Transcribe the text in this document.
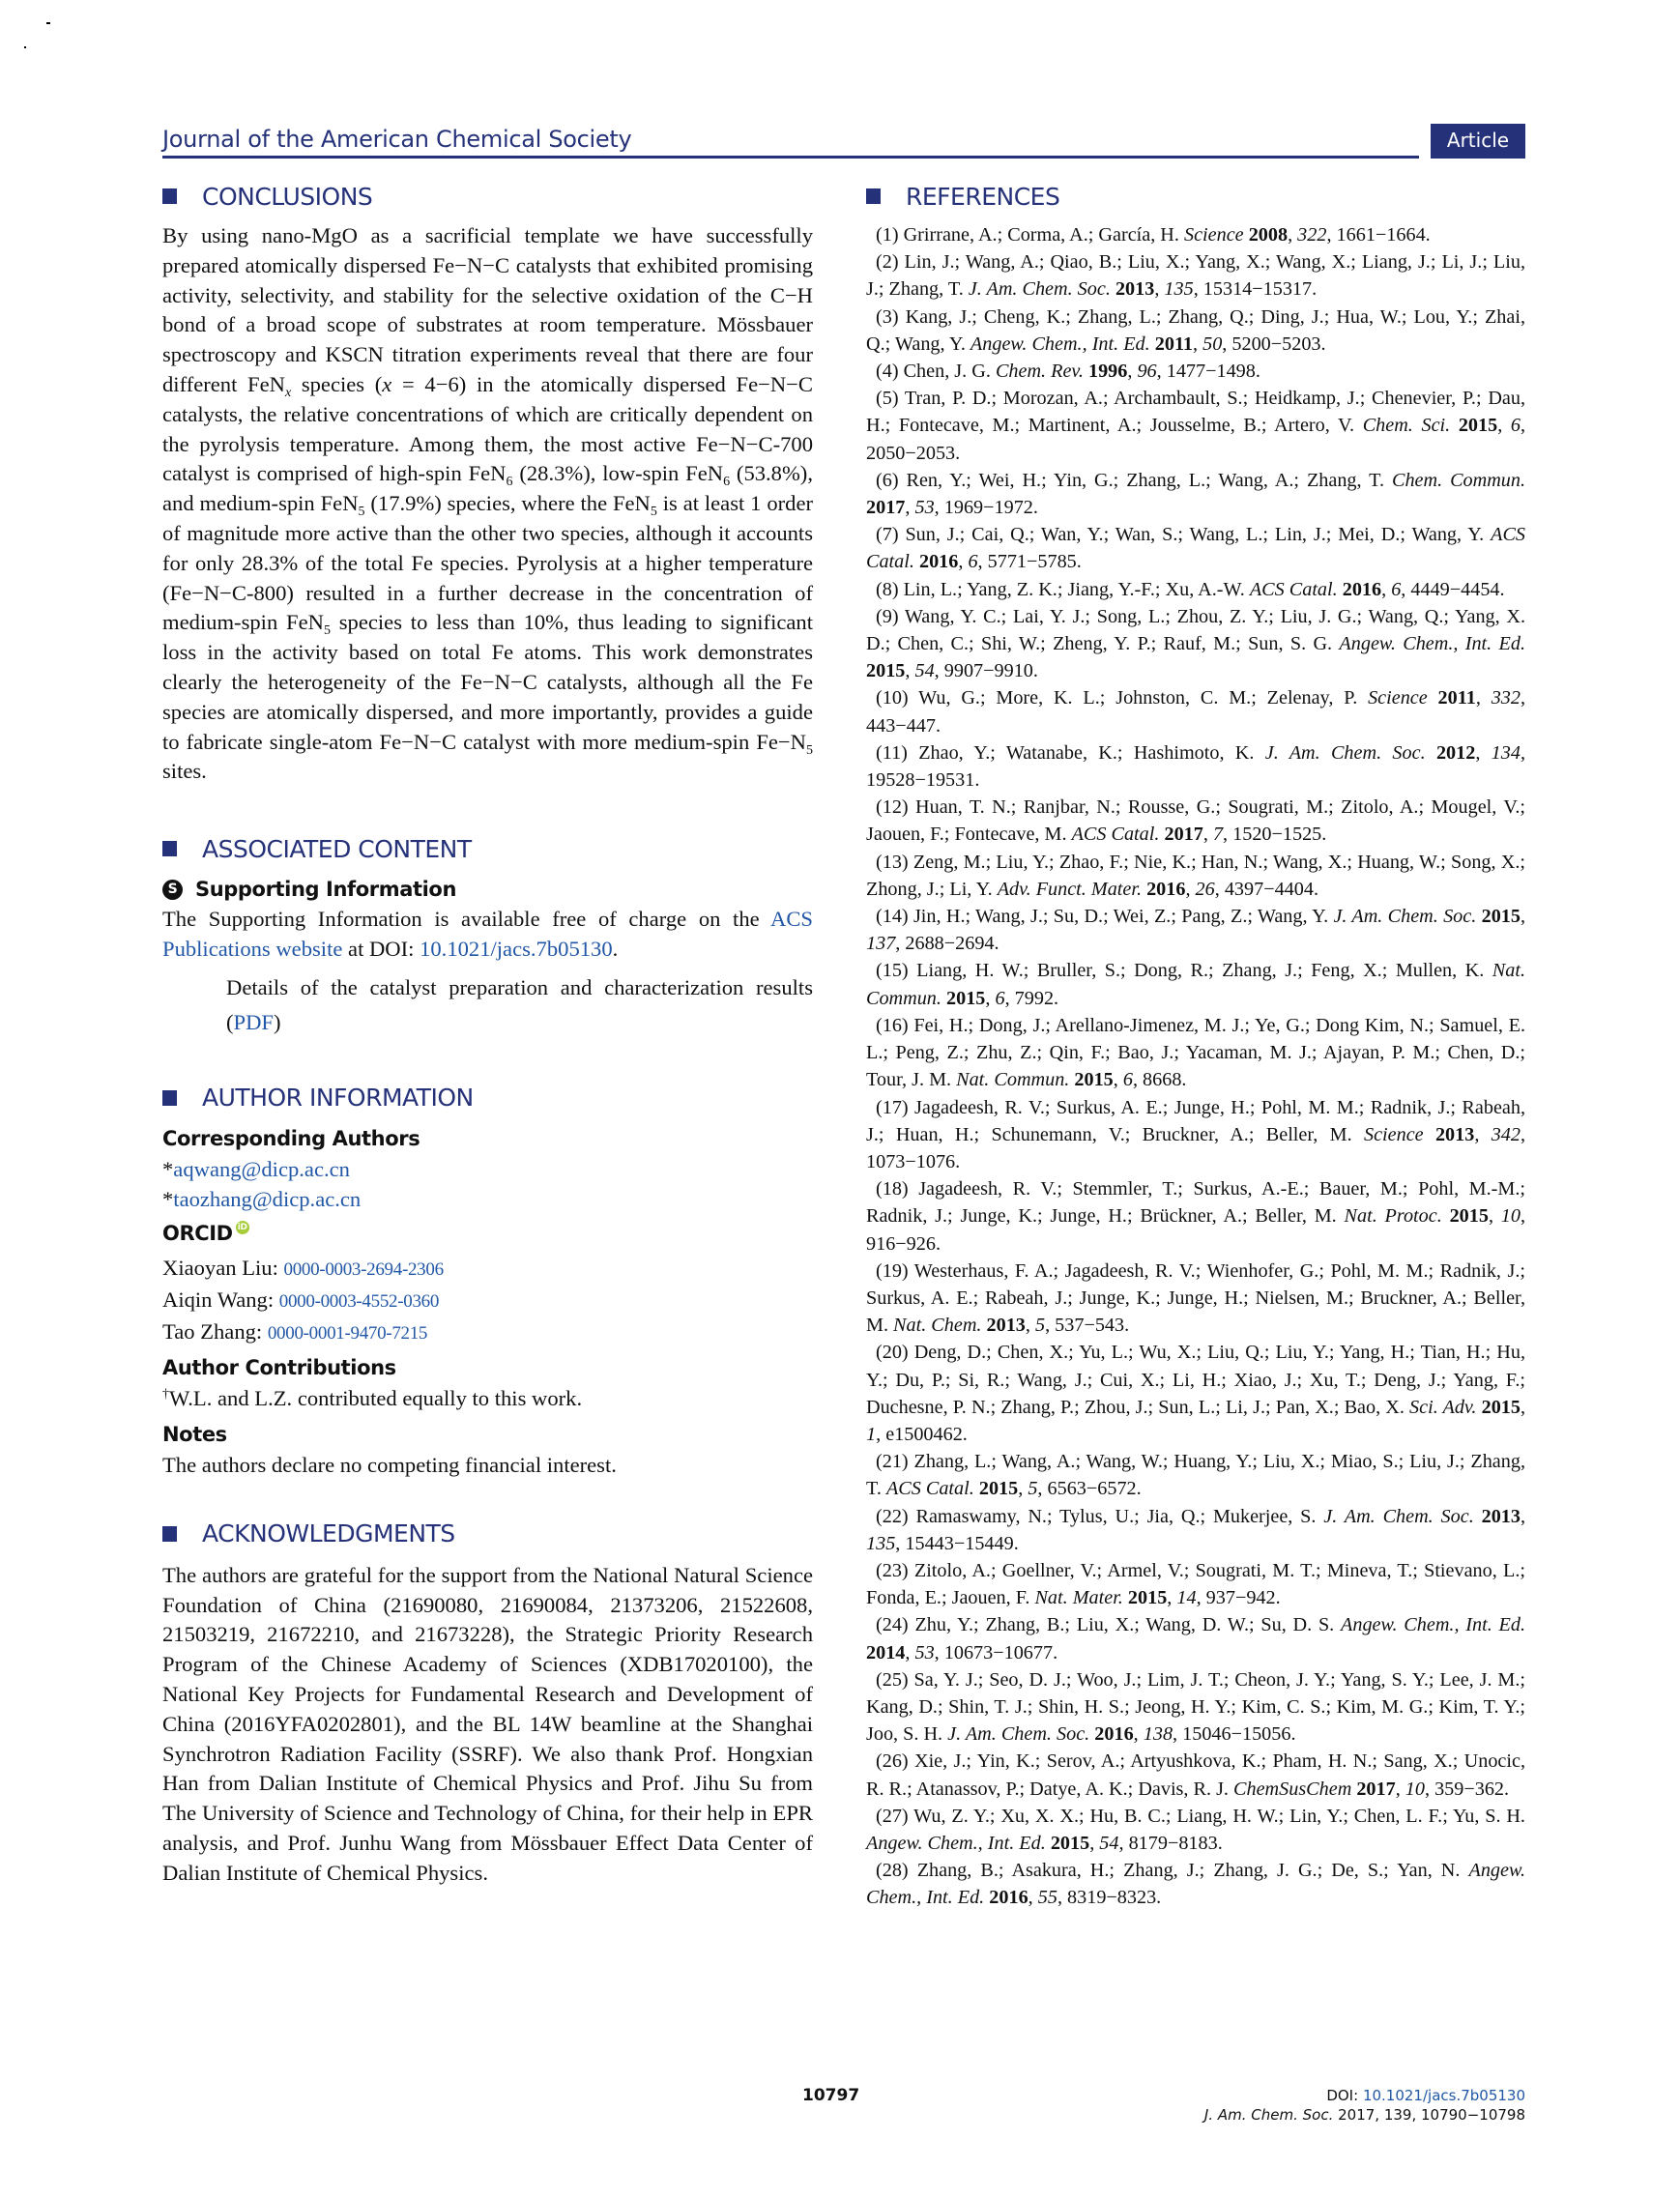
Journal of the American Chemical Society	Article
CONCLUSIONS

By using nano-MgO as a sacrificial template we have successfully prepared atomically dispersed Fe−N−C catalysts that exhibited promising activity, selectivity, and stability for the selective oxidation of the C−H bond of a broad scope of substrates at room temperature. Mössbauer spectroscopy and KSCN titration experiments reveal that there are four different FeN$_x$ species (x = 4−6) in the atomically dispersed Fe−N−C catalysts, the relative concentrations of which are critically dependent on the pyrolysis temperature. Among them, the most active Fe−N−C-700 catalyst is comprised of high-spin FeN$_6$ (28.3%), low-spin FeN$_6$ (53.8%), and medium-spin FeN$_5$ (17.9%) species, where the FeN$_5$ is at least 1 order of magnitude more active than the other two species, although it accounts for only 28.3% of the total Fe species. Pyrolysis at a higher temperature (Fe−N−C-800) resulted in a further decrease in the concentration of medium-spin FeN$_5$ species to less than 10%, thus leading to significant loss in the activity based on total Fe atoms. This work demonstrates clearly the heterogeneity of the Fe−N−C catalysts, although all the Fe species are atomically dispersed, and more importantly, provides a guide to fabricate single-atom Fe−N−C catalyst with more medium-spin $Fe-N_5$ sites.

ASSOCIATED CONTENT
S Supporting Information

The Supporting Information is available free of charge on the ACS Publications website at DOI: 10.1021/jacs.7b05130.

Details of the catalyst preparation and characterization results (PDF)

AUTHOR INFORMATION
Corresponding Authors
*aqwang@dicp.ac.cn
*taozhang@dicp.ac.cn
ORCID iD
Xiaoyan Liu: 0000-0003-2694-2306
Aiqin Wang: 0000-0003-4552-0360
Tao Zhang: 0000-0001-9470-7215
Author Contributions
†W.L. and L.Z. contributed equally to this work.
Notes
The authors declare no competing financial interest.
ACKNOWLEDGMENTS

The authors are grateful for the support from the National Natural Science Foundation of China (21690080, 21690084, 21373206, 21522608, 21503219, 21672210, and 21673228), the Strategic Priority Research Program of the Chinese Academy of Sciences (XDB17020100), the National Key Projects for Fundamental Research and Development of China (2016YFA0202801), and the BL 14W beamline at the Shanghai Synchrotron Radiation Facility (SSRF). We also thank Prof. Hongxian Han from Dalian Institute of Chemical Physics and Prof. Jihu Su from The University of Science and Technology of China, for their help in EPR analysis, and Prof. Junhu Wang from Mössbauer Effect Data Center of Dalian Institute of Chemical Physics.

REFERENCES
(1) Grirrane, A.; Corma, A.; García, H. Science 2008, 322, 1661−1664.
(2) Lin, J.; Wang, A.; Qiao, B.; Liu, X.; Yang, X.; Wang, X.; Liang, J.; Li, J.; Liu, J.; Zhang, T. J. Am. Chem. Soc. 2013, 135, 15314−15317.
(3) Kang, J.; Cheng, K.; Zhang, L.; Zhang, Q.; Ding, J.; Hua, W.; Lou, Y.; Zhai, Q.; Wang, Y. Angew. Chem., Int. Ed. 2011, 50, 5200−5203.
(4) Chen, J. G. Chem. Rev. 1996, 96, 1477−1498.
(5) Tran, P. D.; Morozan, A.; Archambault, S.; Heidkamp, J.; Chenevier, P.; Dau, H.; Fontecave, M.; Martinent, A.; Jousselme, B.; Artero, V. Chem. Sci. 2015, 6, 2050−2053.
(6) Ren, Y.; Wei, H.; Yin, G.; Zhang, L.; Wang, A.; Zhang, T. Chem. Commun. 2017, 53, 1969−1972.
(7) Sun, J.; Cai, Q.; Wan, Y.; Wan, S.; Wang, L.; Lin, J.; Mei, D.; Wang, Y. ACS Catal. 2016, 6, 5771−5785.
(8) Lin, L.; Yang, Z. K.; Jiang, Y.-F.; Xu, A.-W. ACS Catal. 2016, 6, 4449−4454.
(9) Wang, Y. C.; Lai, Y. J.; Song, L.; Zhou, Z. Y.; Liu, J. G.; Wang, Q.; Yang, X. D.; Chen, C.; Shi, W.; Zheng, Y. P.; Rauf, M.; Sun, S. G. Angew. Chem., Int. Ed. 2015, 54, 9907−9910.
(10) Wu, G.; More, K. L.; Johnston, C. M.; Zelenay, P. Science 2011, 332, 443−447.
(11) Zhao, Y.; Watanabe, K.; Hashimoto, K. J. Am. Chem. Soc. 2012, 134, 19528−19531.
(12) Huan, T. N.; Ranjbar, N.; Rousse, G.; Sougrati, M.; Zitolo, A.; Mougel, V.; Jaouen, F.; Fontecave, M. ACS Catal. 2017, 7, 1520−1525.
(13) Zeng, M.; Liu, Y.; Zhao, F.; Nie, K.; Han, N.; Wang, X.; Huang, W.; Song, X.; Zhong, J.; Li, Y. Adv. Funct. Mater. 2016, 26, 4397−4404.
(14) Jin, H.; Wang, J.; Su, D.; Wei, Z.; Pang, Z.; Wang, Y. J. Am. Chem. Soc. 2015, 137, 2688−2694.
(15) Liang, H. W.; Bruller, S.; Dong, R.; Zhang, J.; Feng, X.; Mullen, K. Nat. Commun. 2015, 6, 7992.
(16) Fei, H.; Dong, J.; Arellano-Jimenez, M. J.; Ye, G.; Dong Kim, N.; Samuel, E. L.; Peng, Z.; Zhu, Z.; Qin, F.; Bao, J.; Yacaman, M. J.; Ajayan, P. M.; Chen, D.; Tour, J. M. Nat. Commun. 2015, 6, 8668.
(17) Jagadeesh, R. V.; Surkus, A. E.; Junge, H.; Pohl, M. M.; Radnik, J.; Rabeah, J.; Huan, H.; Schunemann, V.; Bruckner, A.; Beller, M. Science 2013, 342, 1073−1076.
(18) Jagadeesh, R. V.; Stemmler, T.; Surkus, A.-E.; Bauer, M.; Pohl, M.-M.; Radnik, J.; Junge, K.; Junge, H.; Brückner, A.; Beller, M. Nat. Protoc. 2015, 10, 916−926.
(19) Westerhaus, F. A.; Jagadeesh, R. V.; Wienhofer, G.; Pohl, M. M.; Radnik, J.; Surkus, A. E.; Rabeah, J.; Junge, K.; Junge, H.; Nielsen, M.; Bruckner, A.; Beller, M. Nat. Chem. 2013, 5, 537−543.
(20) Deng, D.; Chen, X.; Yu, L.; Wu, X.; Liu, Q.; Liu, Y.; Yang, H.; Tian, H.; Hu, Y.; Du, P.; Si, R.; Wang, J.; Cui, X.; Li, H.; Xiao, J.; Xu, T.; Deng, J.; Yang, F.; Duchesne, P. N.; Zhang, P.; Zhou, J.; Sun, L.; Li, J.; Pan, X.; Bao, X. Sci. Adv. 2015, 1, e1500462.
(21) Zhang, L.; Wang, A.; Wang, W.; Huang, Y.; Liu, X.; Miao, S.; Liu, J.; Zhang, T. ACS Catal. 2015, 5, 6563−6572.
(22) Ramaswamy, N.; Tylus, U.; Jia, Q.; Mukerjee, S. J. Am. Chem. Soc. 2013, 135, 15443−15449.
(23) Zitolo, A.; Goellner, V.; Armel, V.; Sougrati, M. T.; Mineva, T.; Stievano, L.; Fonda, E.; Jaouen, F. Nat. Mater. 2015, 14, 937−942.
(24) Zhu, Y.; Zhang, B.; Liu, X.; Wang, D. W.; Su, D. S. Angew. Chem., Int. Ed. 2014, 53, 10673−10677.
(25) Sa, Y. J.; Seo, D. J.; Woo, J.; Lim, J. T.; Cheon, J. Y.; Yang, S. Y.; Lee, J. M.; Kang, D.; Shin, T. J.; Shin, H. S.; Jeong, H. Y.; Kim, C. S.; Kim, M. G.; Kim, T. Y.; Joo, S. H. J. Am. Chem. Soc. 2016, 138, 15046−15056.
(26) Xie, J.; Yin, K.; Serov, A.; Artyushkova, K.; Pham, H. N.; Sang, X.; Unocic, R. R.; Atanassov, P.; Datye, A. K.; Davis, R. J. ChemSusChem 2017, 10, 359−362.
(27) Wu, Z. Y.; Xu, X. X.; Hu, B. C.; Liang, H. W.; Lin, Y.; Chen, L. F.; Yu, S. H. Angew. Chem., Int. Ed. 2015, 54, 8179−8183.
(28) Zhang, B.; Asakura, H.; Zhang, J.; Zhang, J. G.; De, S.; Yan, N. Angew. Chem., Int. Ed. 2016, 55, 8319−8323.
10797	DOI: 10.1021/jacs.7b05130
J. Am. Chem. Soc. 2017, 139, 10790−10798
